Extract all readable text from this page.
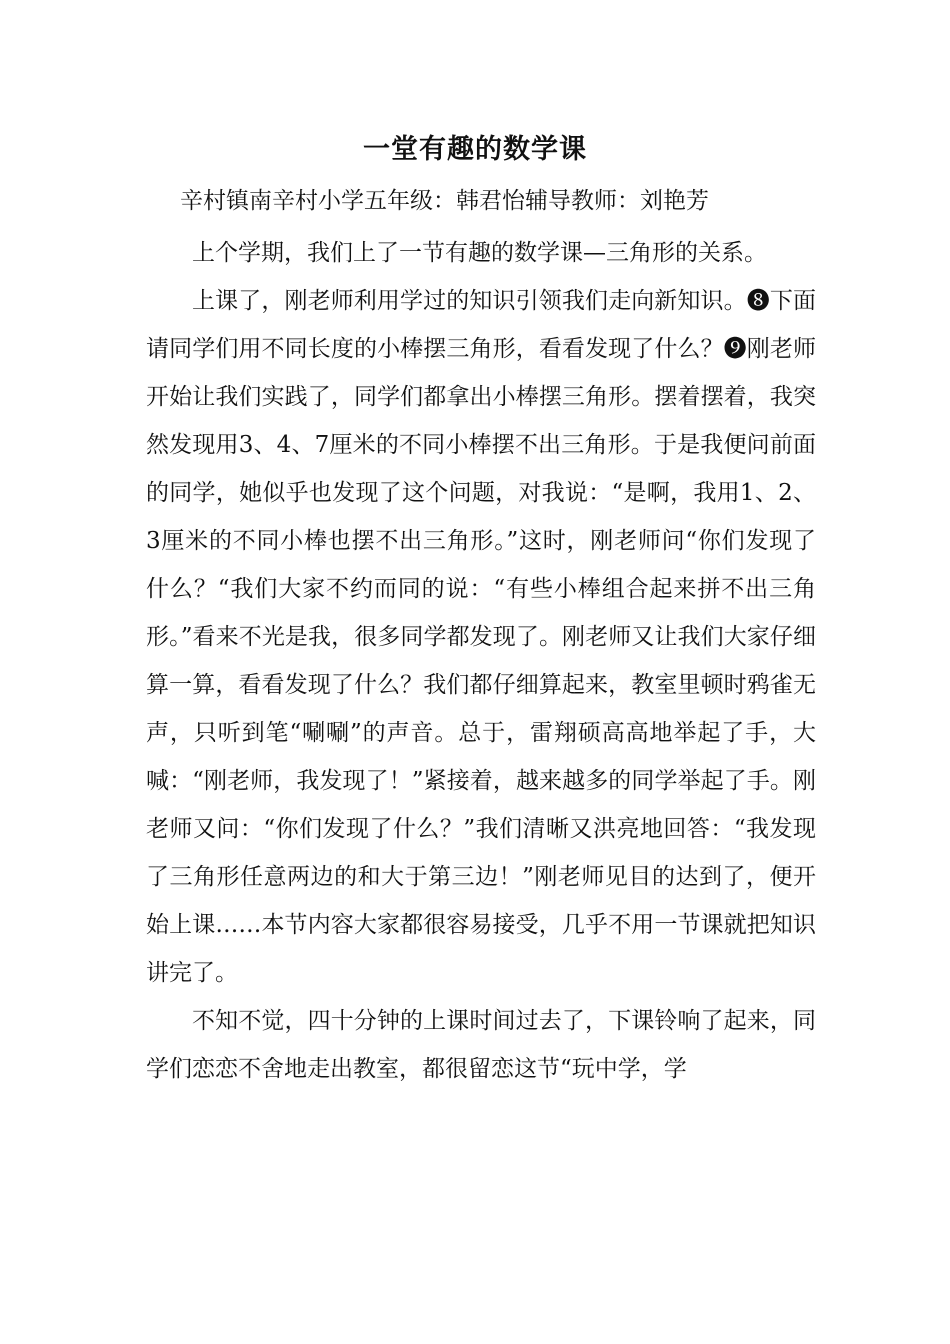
一堂有趣的数学课
辛村镇南辛村小学五年级：韩君怡辅导教师：刘艳芳

上个学期，我们上了一节有趣的数学课—三角形的关系。

上课了，刚老师利用学过的知识引领我们走向新知识。❽下面请同学们用不同长度的小棒摆三角形，看看发现了什么？❾刚老师开始让我们实践了，同学们都拿出小棒摆三角形。摆着摆着，我突然发现用3、4、7厘米的不同小棒摆不出三角形。于是我便问前面的同学，她似乎也发现了这个问题，对我说：“是啊，我用1、2、3厘米的不同小棒也摆不出三角形。”这时，刚老师问“你们发现了什么？“我们大家不约而同的说：“有些小棒组合起来拼不出三角形。”看来不光是我，很多同学都发现了。刚老师又让我们大家仔细算一算，看看发现了什么？我们都仔细算起来，教室里顿时鸦雀无声，只听到笔“唰唰”的声音。总于，雷翔硕高高地举起了手，大喊：“刚老师，我发现了！”紧接着，越来越多的同学举起了手。刚老师又问：“你们发现了什么？”我们清晰又洪亮地回答：“我发现了三角形任意两边的和大于第三边！”刚老师见目的达到了，便开始上课……本节内容大家都很容易接受，几乎不用一节课就把知识讲完了。

不知不觉，四十分钟的上课时间过去了，下课铃响了起来，同学们恋恋不舍地走出教室，都很留恋这节“玩中学，学
